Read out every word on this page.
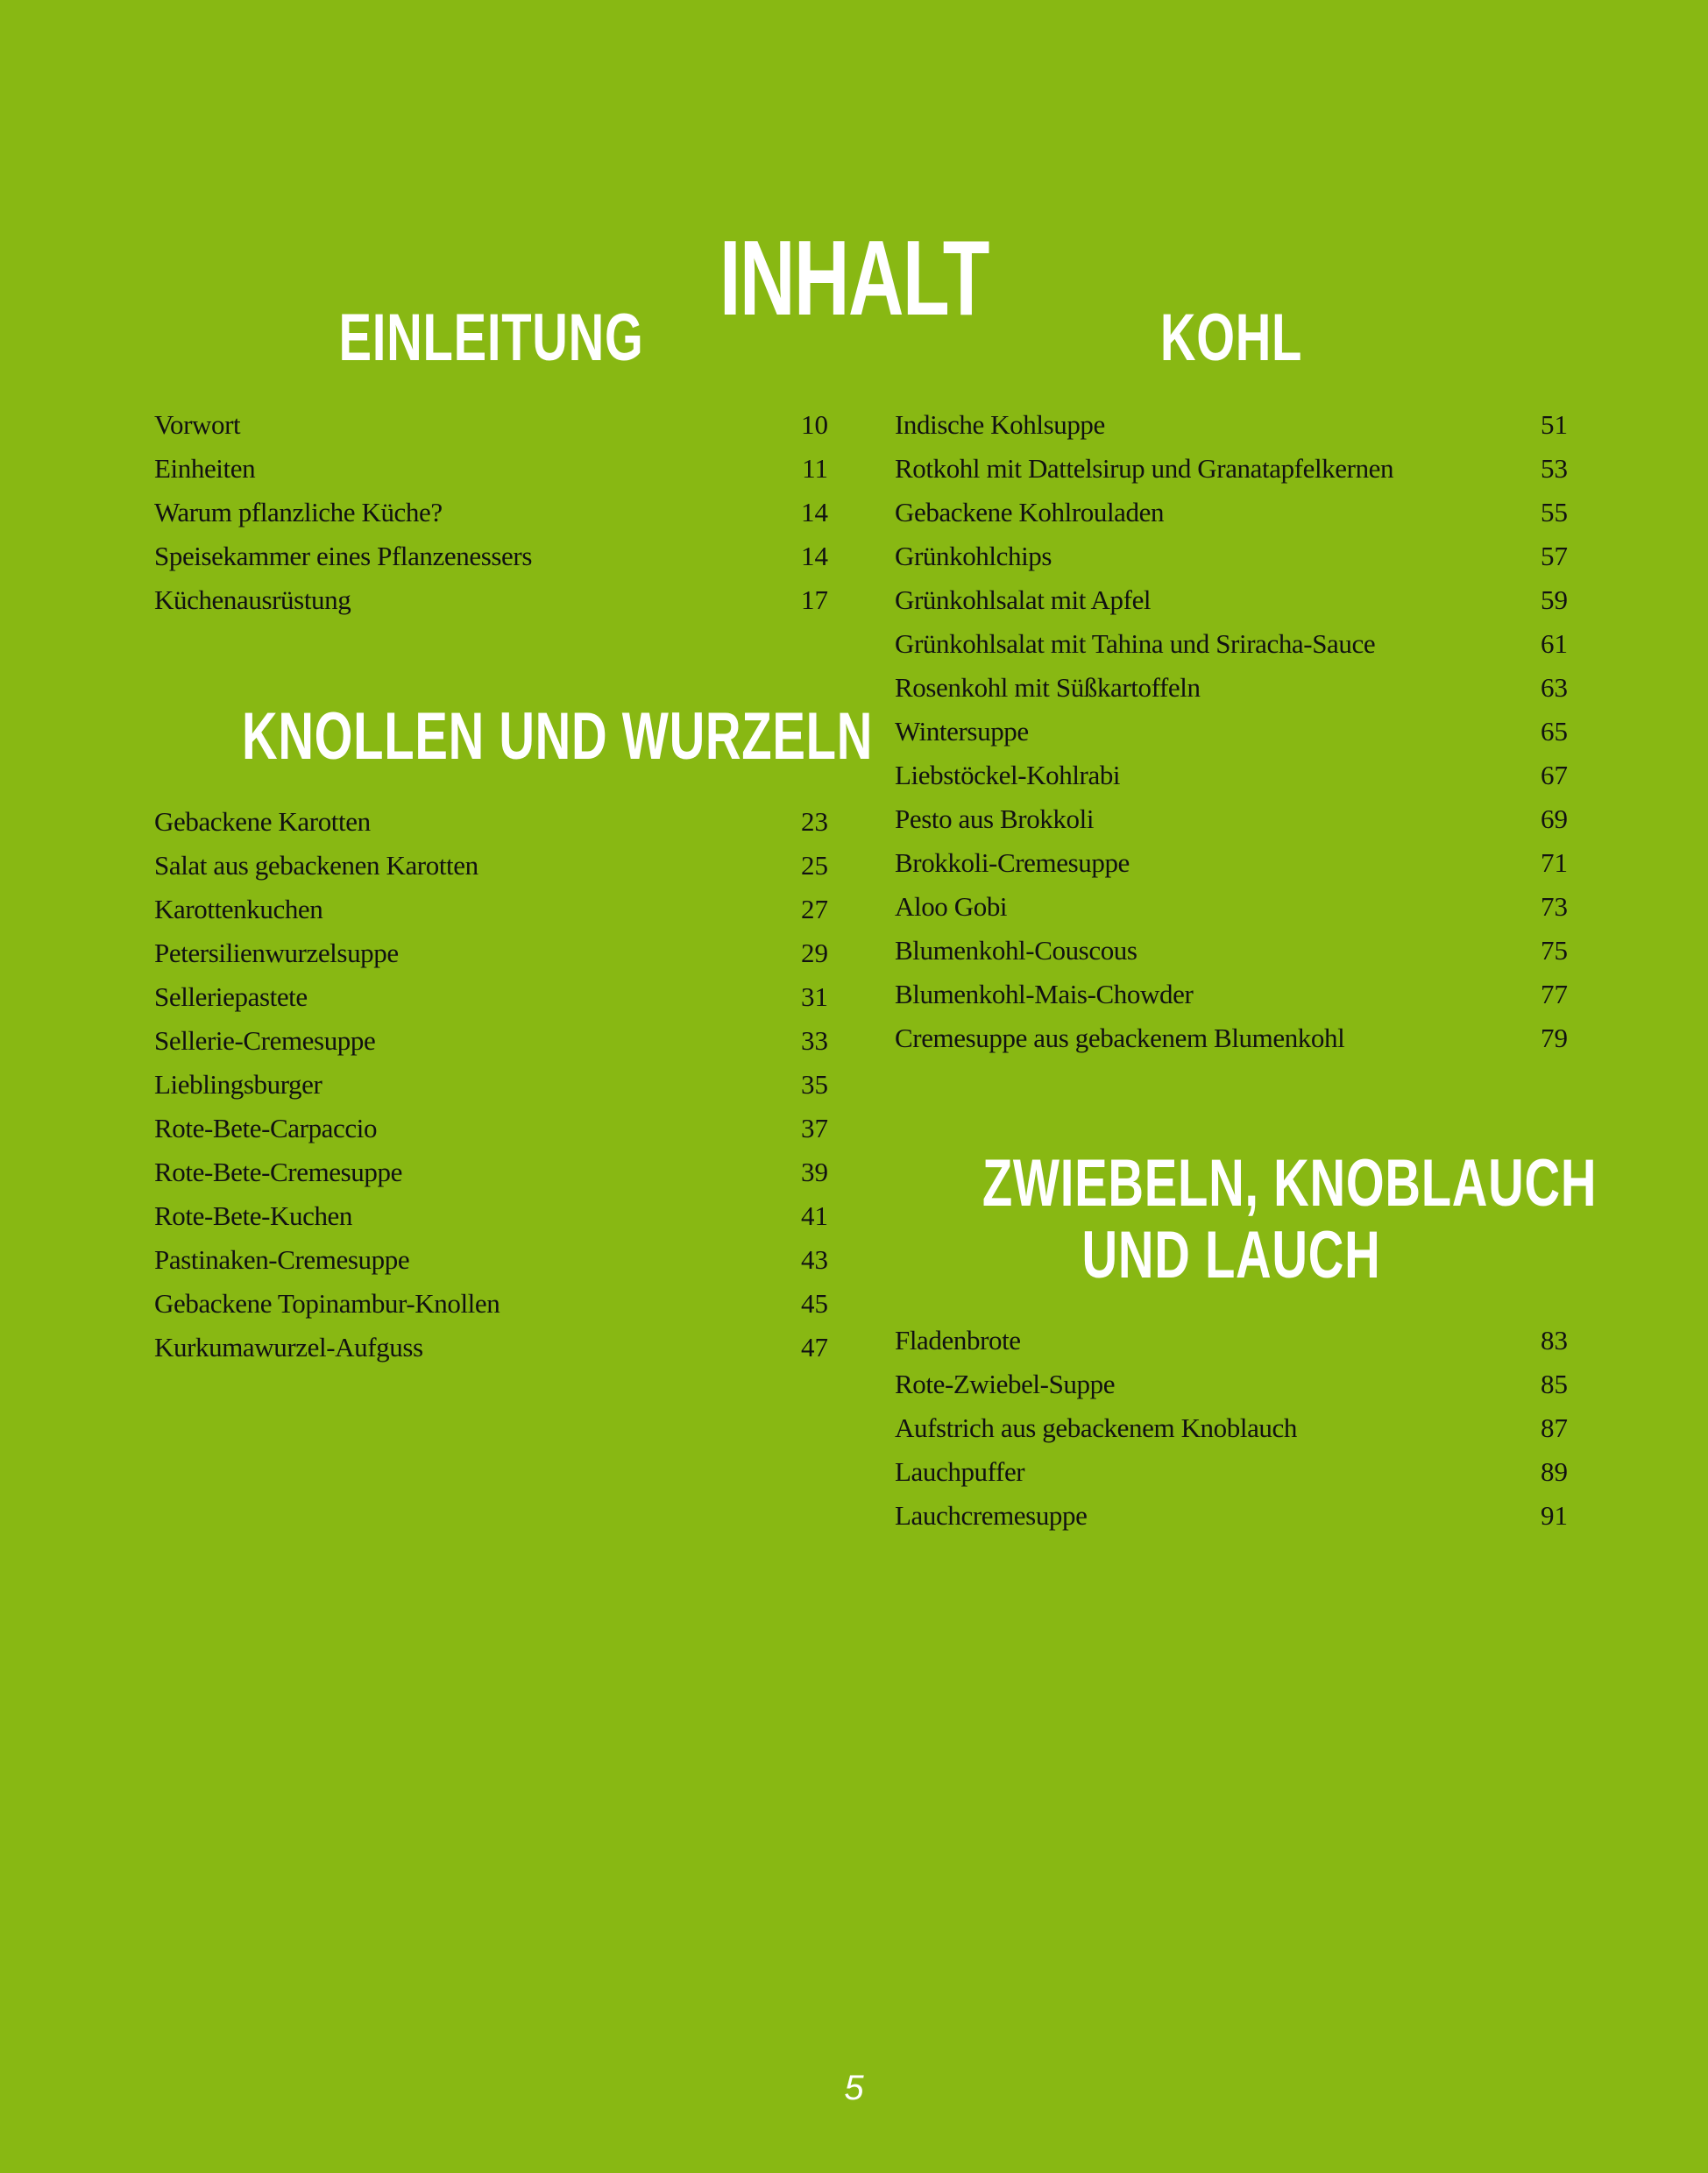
INHALT
EINLEITUNG
Vorwort	10
Einheiten	11
Warum pflanzliche Küche?	14
Speisekammer eines Pflanzenessers	14
Küchenausrüstung	17
KNOLLEN UND WURZELN
Gebackene Karotten	23
Salat aus gebackenen Karotten	25
Karottenkuchen	27
Petersilienwurzelsuppe	29
Selleriepastete	31
Sellerie-Cremesuppe	33
Lieblingsburger	35
Rote-Bete-Carpaccio	37
Rote-Bete-Cremesuppe	39
Rote-Bete-Kuchen	41
Pastinaken-Cremesuppe	43
Gebackene Topinambur-Knollen	45
Kurkumawurzel-Aufguss	47
KOHL
Indische Kohlsuppe	51
Rotkohl mit Dattelsirup und Granatapfelkernen	53
Gebackene Kohlrouladen	55
Grünkohlchips	57
Grünkohlsalat mit Apfel	59
Grünkohlsalat mit Tahina und Sriracha-Sauce	61
Rosenkohl mit Süßkartoffeln	63
Wintersuppe	65
Liebstöckel-Kohlrabi	67
Pesto aus Brokkoli	69
Brokkoli-Cremesuppe	71
Aloo Gobi	73
Blumenkohl-Couscous	75
Blumenkohl-Mais-Chowder	77
Cremesuppe aus gebackenem Blumenkohl	79
ZWIEBELN, KNOBLAUCH
UND LAUCH
Fladenbrote	83
Rote-Zwiebel-Suppe	85
Aufstrich aus gebackenem Knoblauch	87
Lauchpuffer	89
Lauchcremesuppe	91
5
